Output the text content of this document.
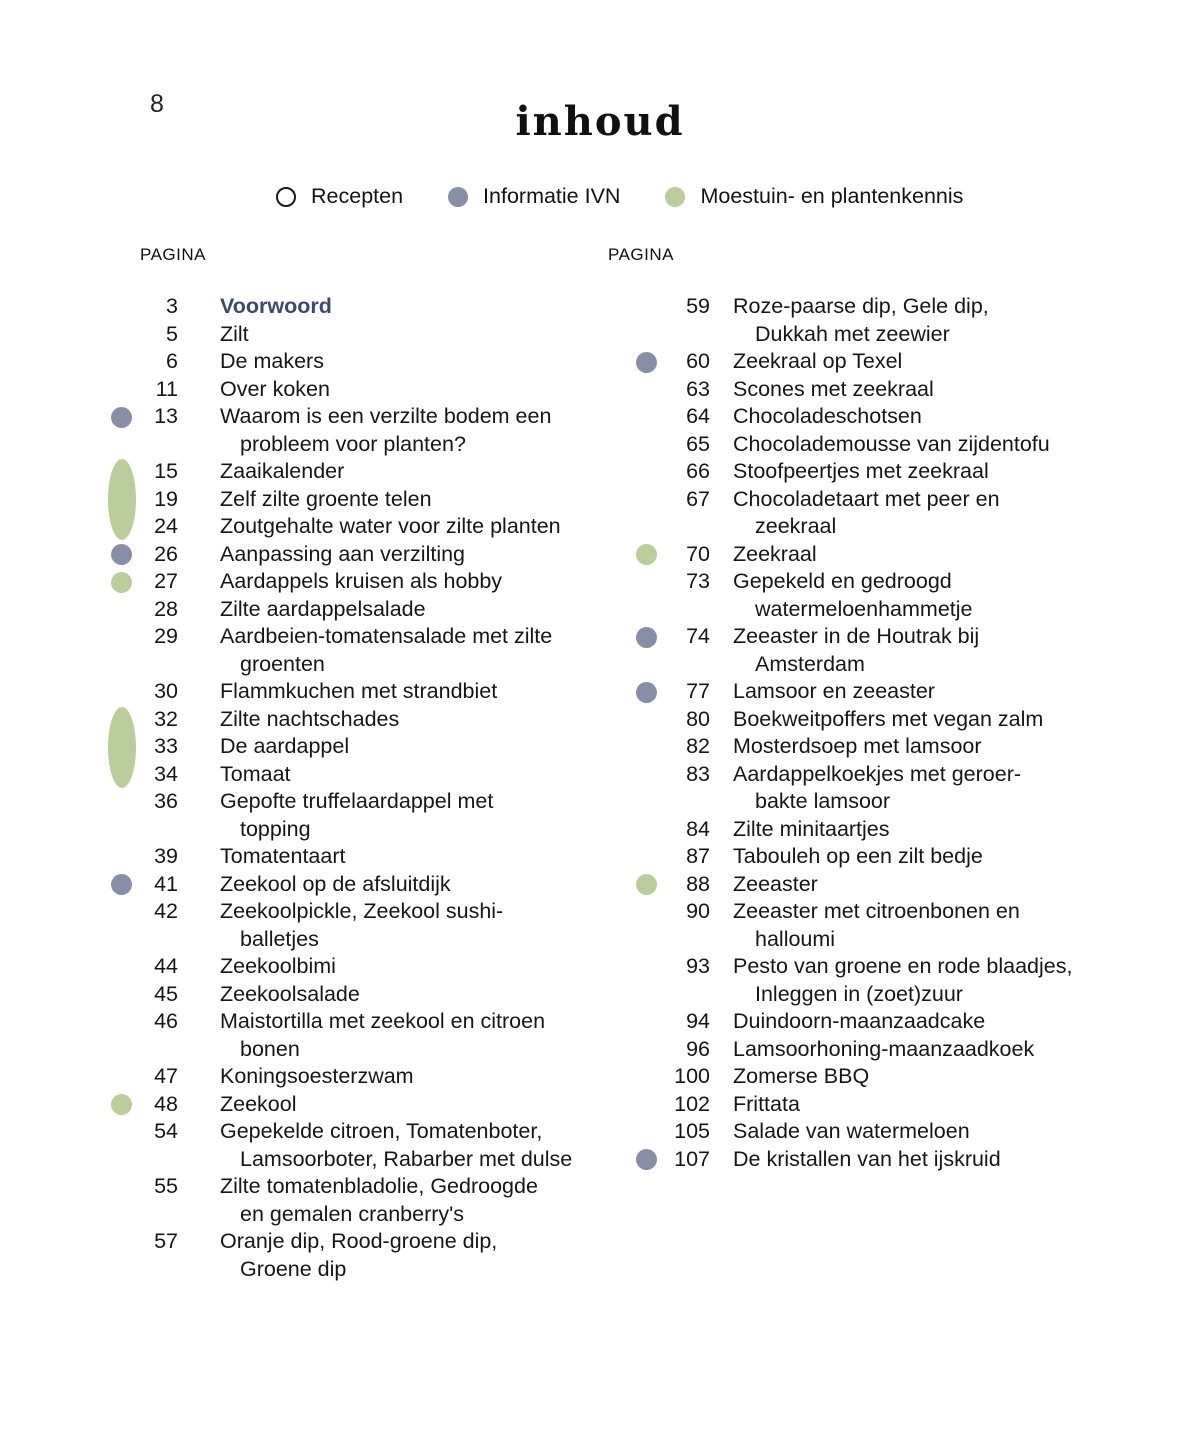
8	inhoud
Recepten	Informatie IVN	Moestuin- en plantenkennis
PAGINA	PAGINA
3	Voorwoord
5	Zilt
6	De makers
11	Over koken
13	Waarom is een verzilte bodem een
probleem voor planten?
15	Zaaikalender
19	Zelf zilte groente telen
24	Zoutgehalte water voor zilte planten
26	Aanpassing aan verzilting
27	Aardappels kruisen als hobby
28	Zilte aardappelsalade
29	Aardbeien-tomatensalade met zilte
groenten
30	Flammkuchen met strandbiet
32	Zilte nachtschades
33	De aardappel
34	Tomaat
36	Gepofte truffelaardappel met
topping
39	Tomatentaart
41	Zeekool op de afsluitdijk
42	Zeekoolpickle, Zeekool sushi-
balletjes
44	Zeekoolbimi
45	Zeekoolsalade
46	Maistortilla met zeekool en citroen
bonen
47	Koningsoesterzwam
48	Zeekool
54	Gepekelde citroen, Tomatenboter,
Lamsoorboter, Rabarber met dulse
55	Zilte tomatenbladolie, Gedroogde
en gemalen cranberry's
57	Oranje dip, Rood-groene dip,
Groene dip
59	Roze-paarse dip, Gele dip,
Dukkah met zeewier
60	Zeekraal op Texel
63	Scones met zeekraal
64	Chocoladeschotsen
65	Chocolademousse van zijdentofu
66	Stoofpeertjes met zeekraal
67	Chocoladetaart met peer en
zeekraal
70	Zeekraal
73	Gepekeld en gedroogd
watermeloenhammetje
74	Zeeaster in de Houtrak bij
Amsterdam
77	Lamsoor en zeeaster
80	Boekweitpoffers met vegan zalm
82	Mosterdsoep met lamsoor
83	Aardappelkoekjes met geroer-
bakte lamsoor
84	Zilte minitaartjes
87	Tabouleh op een zilt bedje
88	Zeeaster
90	Zeeaster met citroenbonen en
halloumi
93	Pesto van groene en rode blaadjes,
Inleggen in (zoet)zuur
94	Duindoorn-maanzaadcake
96	Lamsoorhoning-maanzaadkoek
100	Zomerse BBQ
102	Frittata
105	Salade van watermeloen
107	De kristallen van het ijskruid
